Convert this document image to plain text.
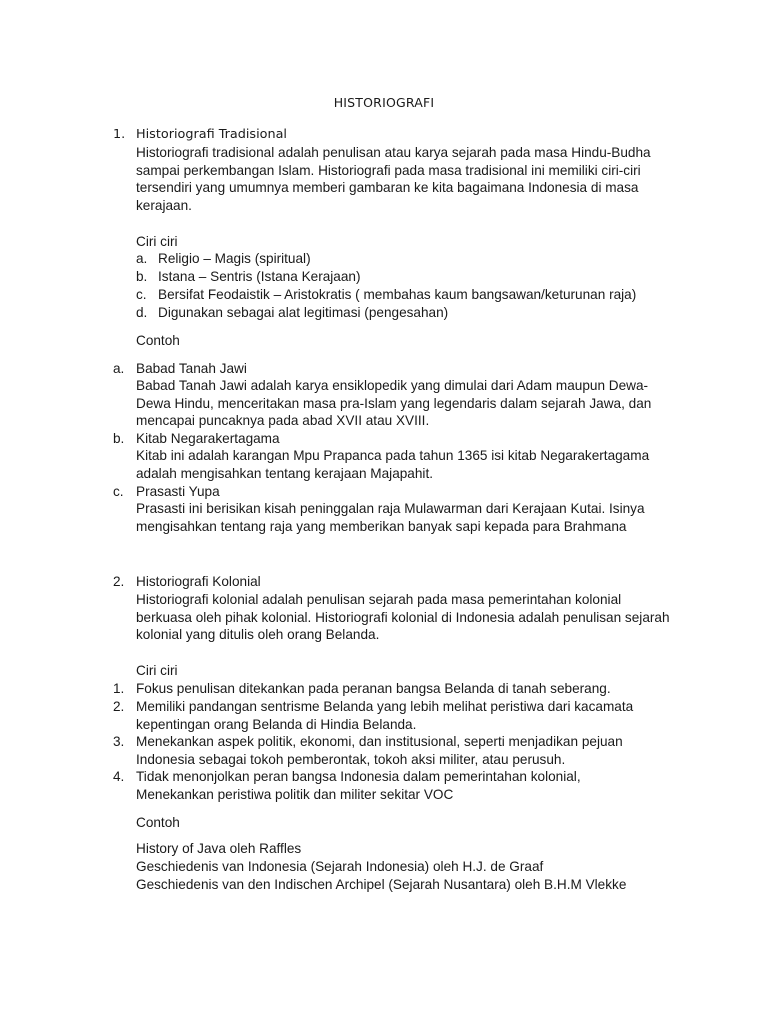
HISTORIOGRAFI
1. Historiografi Tradisional

Historiografi tradisional adalah penulisan atau karya sejarah pada masa Hindu-Budha
sampai perkembangan Islam. Historiografi pada masa tradisional ini memiliki ciri-ciri
tersendiri yang umumnya memberi gambaran ke kita bagaimana Indonesia di masa
kerajaan.

Ciri ciri
a. Religio – Magis (spiritual)
b. Istana – Sentris (Istana Kerajaan)
c. Bersifat Feodaistik – Aristokratis ( membahas kaum bangsawan/keturunan raja)
d. Digunakan sebagai alat legitimasi (pengesahan)
Contoh
a. Babad Tanah Jawi

Babad Tanah Jawi adalah karya ensiklopedik yang dimulai dari Adam maupun Dewa-
Dewa Hindu, menceritakan masa pra-Islam yang legendaris dalam sejarah Jawa, dan
mencapai puncaknya pada abad XVII atau XVIII.

b. Kitab Negarakertagama

Kitab ini adalah karangan Mpu Prapanca pada tahun 1365 isi kitab Negarakertagama
adalah mengisahkan tentang kerajaan Majapahit.

c. Prasasti Yupa

Prasasti ini berisikan kisah peninggalan raja Mulawarman dari Kerajaan Kutai. Isinya
mengisahkan tentang raja yang memberikan banyak sapi kepada para Brahmana

2. Historiografi Kolonial

Historiografi kolonial adalah penulisan sejarah pada masa pemerintahan kolonial
berkuasa oleh pihak kolonial. Historiografi kolonial di Indonesia adalah penulisan sejarah
kolonial yang ditulis oleh orang Belanda.

Ciri ciri
1. Fokus penulisan ditekankan pada peranan bangsa Belanda di tanah seberang.
2. Memiliki pandangan sentrisme Belanda yang lebih melihat peristiwa dari kacamata
kepentingan orang Belanda di Hindia Belanda.
3. Menekankan aspek politik, ekonomi, dan institusional, seperti menjadikan pejuan
Indonesia sebagai tokoh pemberontak, tokoh aksi militer, atau perusuh.
4. Tidak menonjolkan peran bangsa Indonesia dalam pemerintahan kolonial,
Menekankan peristiwa politik dan militer sekitar VOC
Contoh
History of Java oleh Raffles
Geschiedenis van Indonesia (Sejarah Indonesia) oleh H.J. de Graaf
Geschiedenis van den Indischen Archipel (Sejarah Nusantara) oleh B.H.M Vlekke
